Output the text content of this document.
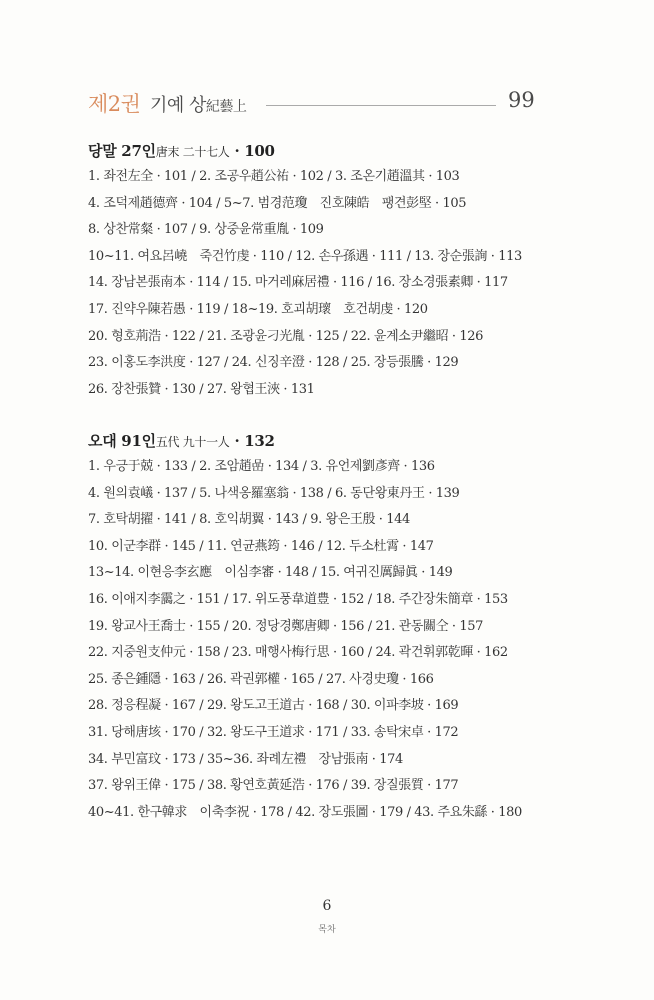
제2권 기예 상紀藝上	99
당말 27인唐末 二十七人 · 100
1. 좌전左全 · 101 / 2. 조공우趙公祐 · 102 / 3. 조온기趙溫其 · 103
4. 조덕제趙德齊 · 104 / 5~7. 범경范瓊　진호陳皓　팽견彭堅 · 105
8. 상찬常粲 · 107 / 9. 상중윤常重胤 · 109
10~11. 여요呂嶢　죽건竹虔 · 110 / 12. 손우孫遇 · 111 / 13. 장순張詢 · 113
14. 장남본張南本 · 114 / 15. 마거레麻居禮 · 116 / 16. 장소경張素卿 · 117
17. 진약우陳若愚 · 119 / 18~19. 호괴胡瓌　호건胡虔 · 120
20. 형호荊浩 · 122 / 21. 조광윤刁光胤 · 125 / 22. 윤계소尹繼昭 · 126
23. 이홍도李洪度 · 127 / 24. 신징辛澄 · 128 / 25. 장등張騰 · 129
26. 장찬張贊 · 130 / 27. 왕협王浹 · 131
오대 91인五代 九十一人 · 132
1. 우긍于兢 · 133 / 2. 조암趙嵒 · 134 / 3. 유언제劉彥齊 · 136
4. 원의袁嶬 · 137 / 5. 나색옹羅塞翁 · 138 / 6. 동단왕東丹王 · 139
7. 호탁胡擢 · 141 / 8. 호익胡翼 · 143 / 9. 왕은王殷 · 144
10. 이군李群 · 145 / 11. 연균燕筠 · 146 / 12. 두소杜霄 · 147
13~14. 이현응李玄應　이심李審 · 148 / 15. 여귀진厲歸眞 · 149
16. 이애지李靄之 · 151 / 17. 위도풍韋道豊 · 152 / 18. 주간장朱簡章 · 153
19. 왕교사王喬士 · 155 / 20. 정당경鄭唐卿 · 156 / 21. 관동關仝 · 157
22. 지중원支仲元 · 158 / 23. 매행사梅行思 · 160 / 24. 곽건휘郭乾暉 · 162
25. 종은鍾隱 · 163 / 26. 곽권郭權 · 165 / 27. 사경史瓊 · 166
28. 정응程凝 · 167 / 29. 왕도고王道古 · 168 / 30. 이파李坡 · 169
31. 당해唐垓 · 170 / 32. 왕도구王道求 · 171 / 33. 송탁宋卓 · 172
34. 부민富玟 · 173 / 35~36. 좌례左禮　장남張南 · 174
37. 왕위王偉 · 175 / 38. 황연호黃延浩 · 176 / 39. 장질張質 · 177
40~41. 한구韓求　이축李祝 · 178 / 42. 장도張圖 · 179 / 43. 주요朱繇 · 180
6
목차
